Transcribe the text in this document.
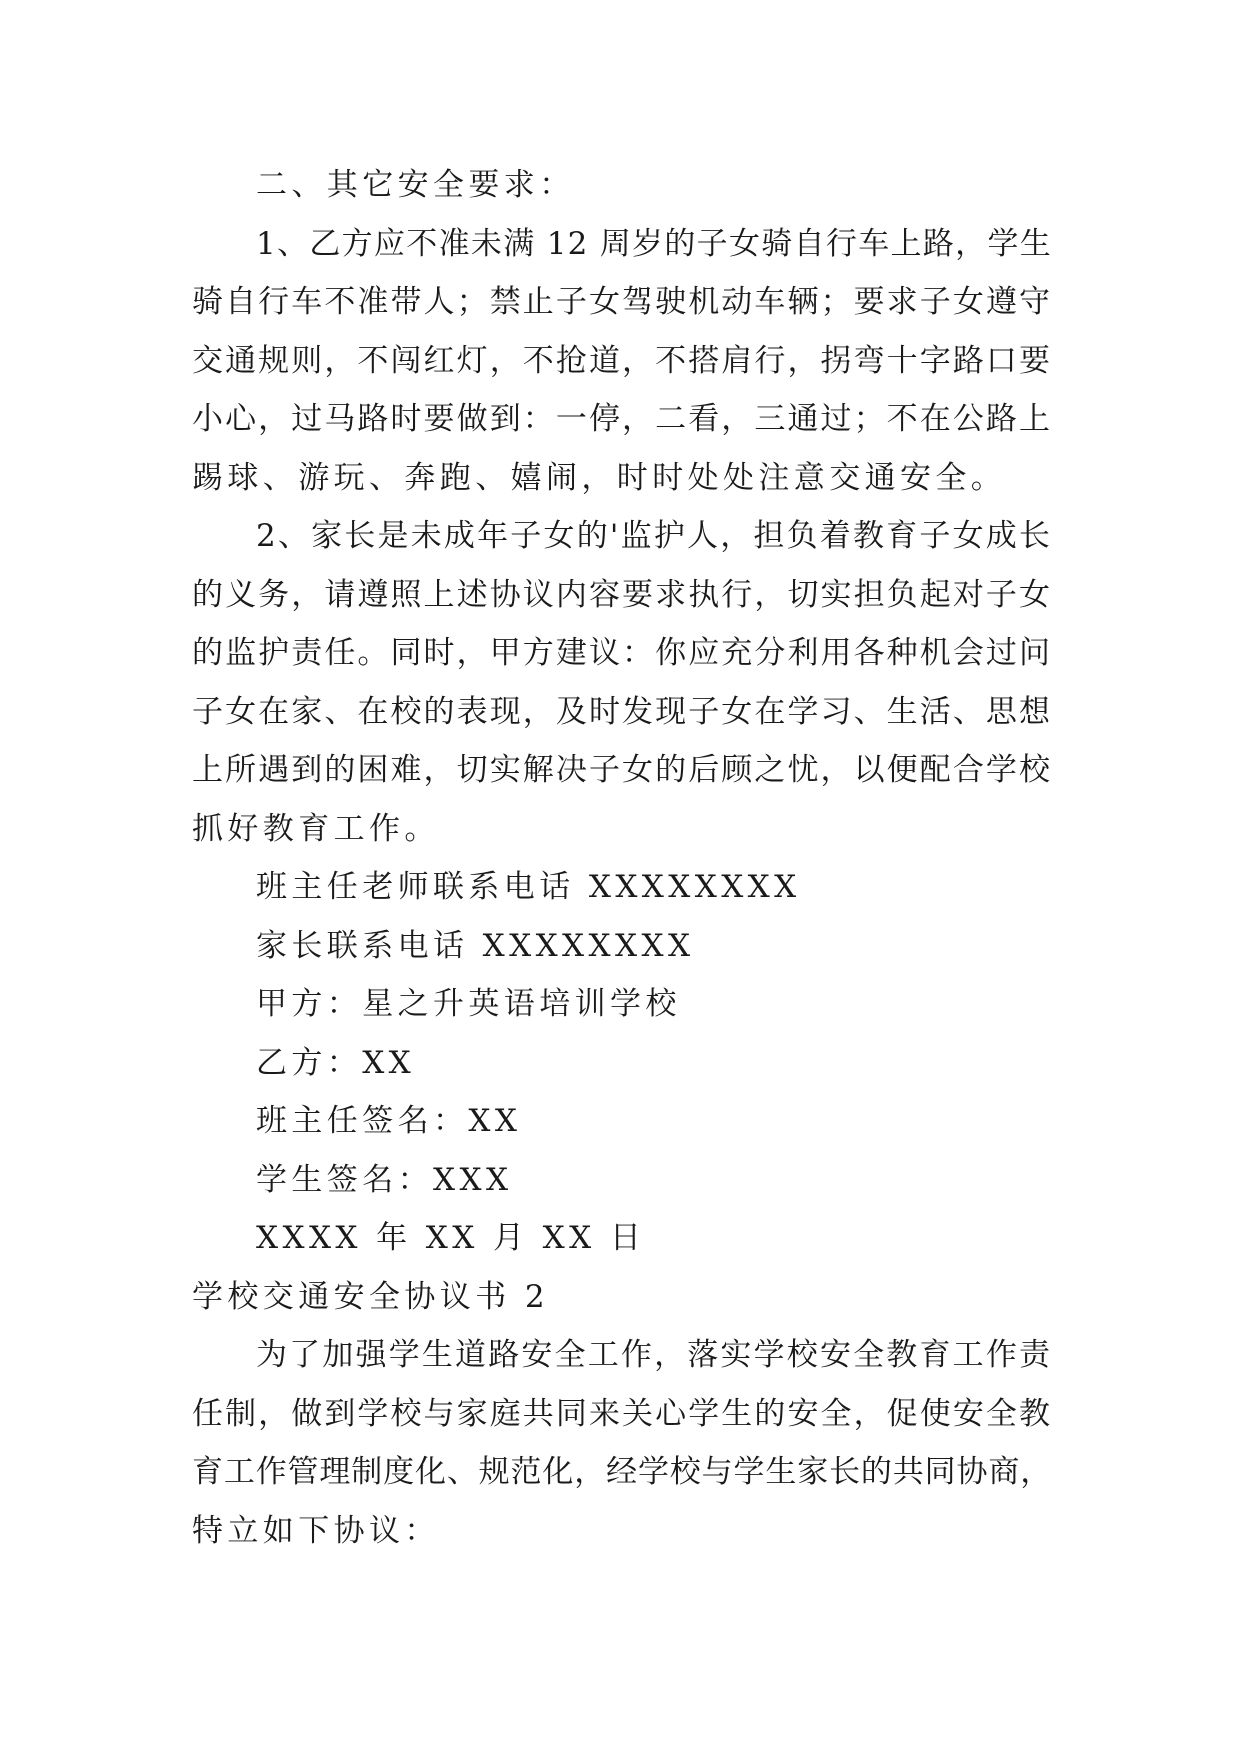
二、其它安全要求：
1、乙方应不准未满 12 周岁的子女骑自行车上路，学生
骑自行车不准带人；禁止子女驾驶机动车辆；要求子女遵守
交通规则，不闯红灯，不抢道，不搭肩行，拐弯十字路口要
小心，过马路时要做到：一停，二看，三通过；不在公路上
踢球、游玩、奔跑、嬉闹，时时处处注意交通安全。
2、家长是未成年子女的'监护人，担负着教育子女成长
的义务，请遵照上述协议内容要求执行，切实担负起对子女
的监护责任。同时，甲方建议：你应充分利用各种机会过问
子女在家、在校的表现，及时发现子女在学习、生活、思想
上所遇到的困难，切实解决子女的后顾之忧，以便配合学校
抓好教育工作。
班主任老师联系电话 XXXXXXXX
家长联系电话 XXXXXXXX
甲方：星之升英语培训学校
乙方：XX
班主任签名：XX
学生签名：XXX
XXXX 年 XX 月 XX 日
学校交通安全协议书 2
为了加强学生道路安全工作，落实学校安全教育工作责
任制，做到学校与家庭共同来关心学生的安全，促使安全教
育工作管理制度化、规范化，经学校与学生家长的共同协商，
特立如下协议：
